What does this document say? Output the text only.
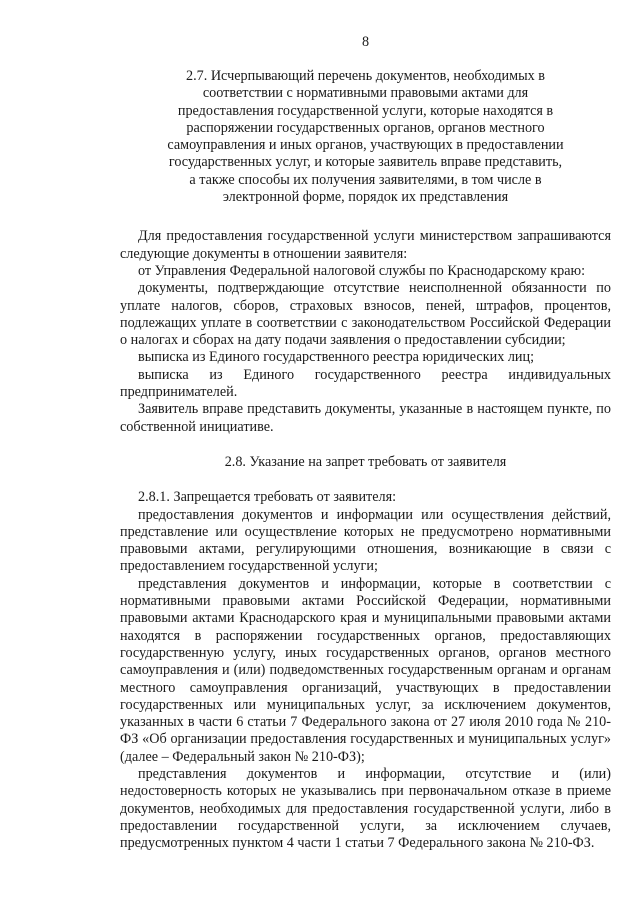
8
2.7. Исчерпывающий перечень документов, необходимых в
соответствии с нормативными правовыми актами для
предоставления государственной услуги, которые находятся в
распоряжении государственных органов, органов местного
самоуправления и иных органов, участвующих в предоставлении
государственных услуг, и которые заявитель вправе представить,
а также способы их получения заявителями, в том числе в
электронной форме, порядок их представления

Для предоставления государственной услуги министерством запрашиваются следующие документы в отношении заявителя:

от Управления Федеральной налоговой службы по Краснодарскому краю:

документы, подтверждающие отсутствие неисполненной обязанности по уплате налогов, сборов, страховых взносов, пеней, штрафов, процентов, подлежащих уплате в соответствии с законодательством Российской Федерации о налогах и сборах на дату подачи заявления о предоставлении субсидии;

выписка из Единого государственного реестра юридических лиц;

выписка из Единого государственного реестра индивидуальных предпринимателей.

Заявитель вправе представить документы, указанные в настоящем пункте, по собственной инициативе.

2.8. Указание на запрет требовать от заявителя

2.8.1. Запрещается требовать от заявителя:

предоставления документов и информации или осуществления действий, представление или осуществление которых не предусмотрено нормативными правовыми актами, регулирующими отношения, возникающие в связи с предоставлением государственной услуги;

представления документов и информации, которые в соответствии с нормативными правовыми актами Российской Федерации, нормативными правовыми актами Краснодарского края и муниципальными правовыми актами находятся в распоряжении государственных органов, предоставляющих государственную услугу, иных государственных органов, органов местного самоуправления и (или) подведомственных государственным органам и органам местного самоуправления организаций, участвующих в предоставлении государственных или муниципальных услуг, за исключением документов, указанных в части 6 статьи 7 Федерального закона от 27 июля 2010 года № 210-ФЗ «Об организации предоставления государственных и муниципальных услуг» (далее – Федеральный закон № 210-ФЗ);

представления документов и информации, отсутствие и (или) недостоверность которых не указывались при первоначальном отказе в приеме документов, необходимых для предоставления государственной услуги, либо в предоставлении государственной услуги, за исключением случаев, предусмотренных пунктом 4 части 1 статьи 7 Федерального закона № 210-ФЗ.
